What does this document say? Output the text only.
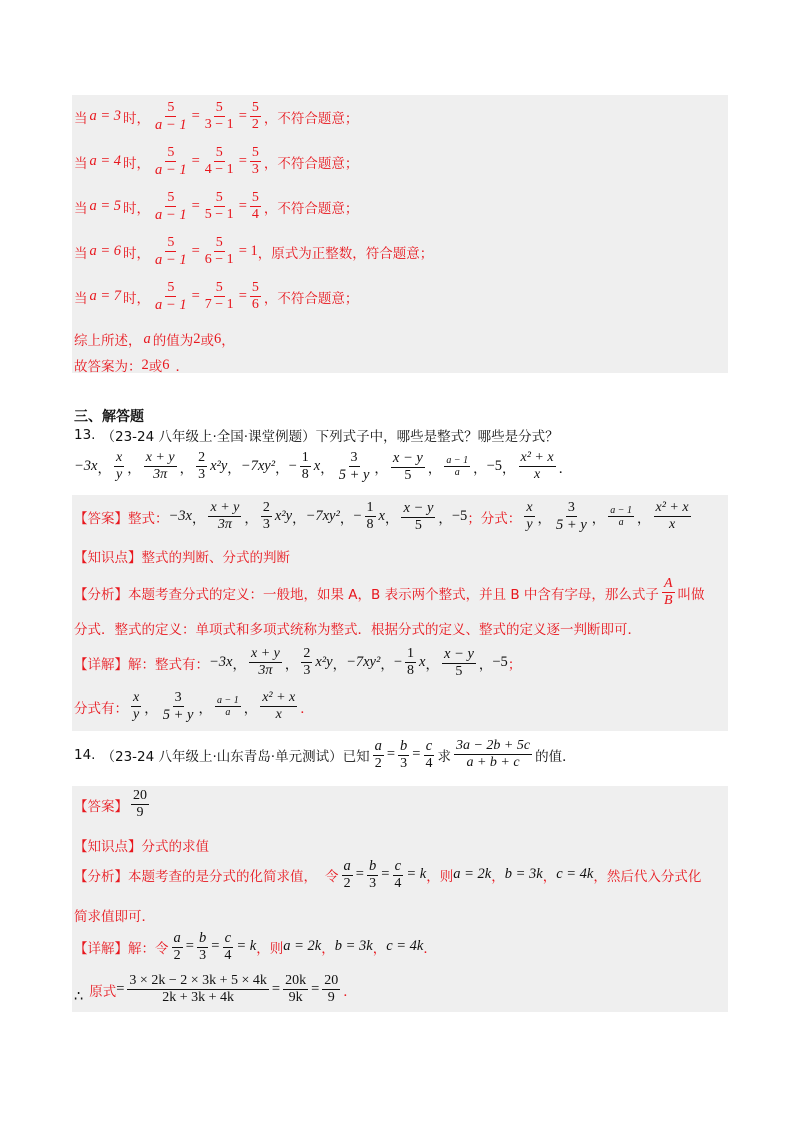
当 a = 3 时， $\frac{5}{a - 1} = \frac{5}{3 - 1} = \frac{5}{2}$ ，不符合题意；
当 a = 4 时， $\frac{5}{a - 1} = \frac{5}{4 - 1} = \frac{5}{3}$ ，不符合题意；
当 a = 5 时， $\frac{5}{a - 1} = \frac{5}{5 - 1} = \frac{5}{4}$ ，不符合题意；
当 a = 6 时， $\frac{5}{a - 1} = \frac{5}{6 - 1} = 1$ ，原式为正整数，符合题意；
当 a = 7 时， $\frac{5}{a - 1} = \frac{5}{7 - 1} = \frac{5}{6}$ ，不符合题意；
综上所述， a 的值为 2 或 6 ，
故答案为： 2 或 6 ．
三、解答题
13. （23-24 八年级上·全国·课堂例题） 下列式子中，哪些是整式？哪些是分式？
−3x ， $\frac{x}{y}$ ， $\frac{x + y}{3\pi}$ ， $\frac{2}{3} x^2y$ ， −7xy² ， − $\frac{1}{8}$ x ， $\frac{3}{5 + y}$ ， $\frac{x - y}{5}$ ， $\frac{a - 1}{a}$ ， −5 ， $\frac{\text{x² + x}}{x}$ ．
【答案】 整式： −3x ， $\frac{x + y}{3\pi}$ ， $\frac{2}{3} x^2y$ ， −7xy² ， − $\frac{1}{8}$ x ， $\frac{x - y}{5}$ ， −5 ；分式： $\frac{x}{y}$ ， $\frac{3}{5 + y}$ ， $\frac{a - 1}{a}$ ， $\frac{\text{x² + x}}{x}$
【知识点】整式的判断、分式的判断
【分析】 本题考查分式的定义：一般地，如果 A，B 表示两个整式，并且 B 中含有字母，那么式子 $\frac{A}{B}$ 叫做
分式．整式的定义：单项式和多项式统称为整式．根据分式的定义、整式的定义逐一判断即可．
【详解】 解：整式有： −3x ， $\frac{x + y}{3\pi}$ ， $\frac{2}{3} x^2y$ ， −7xy² ， − $\frac{1}{8}$ x ， $\frac{x - y}{5}$ ， −5 ；
分式有： $\frac{x}{y}$ ， $\frac{3}{5 + y}$ ， $\frac{a - 1}{a}$ ， $\frac{\text{x² + x}}{x}$ ．
14. （23-24 八年级上·山东青岛·单元测试） 已知 $\frac{a}{2} = \frac{b}{3} = \frac{c}{4}$ 求 $\frac{3a - 2b + 5c}{a + b + c}$ 的值．
【答案】 $\frac{20}{9}$
【知识点】分式的求值
【分析】 本题考查的是分式的化简求值， 令 $\frac{a}{2} = \frac{b}{3} = \frac{c}{4} = k$ ，则 a = 2k ， b = 3k ， c = 4k ，然后代入分式化
简求值即可．
【详解】 解：令 $\frac{a}{2} = \frac{b}{3} = \frac{c}{4} = k$ ，则 a = 2k ， b = 3k ， c = 4k ．
∴ 原式 = $\frac{3 \times 2k - 2 \times 3k + 5 \times 4k}{2k + 3k + 4k} = \frac{20k}{9k} = \frac{20}{9}$ ．
